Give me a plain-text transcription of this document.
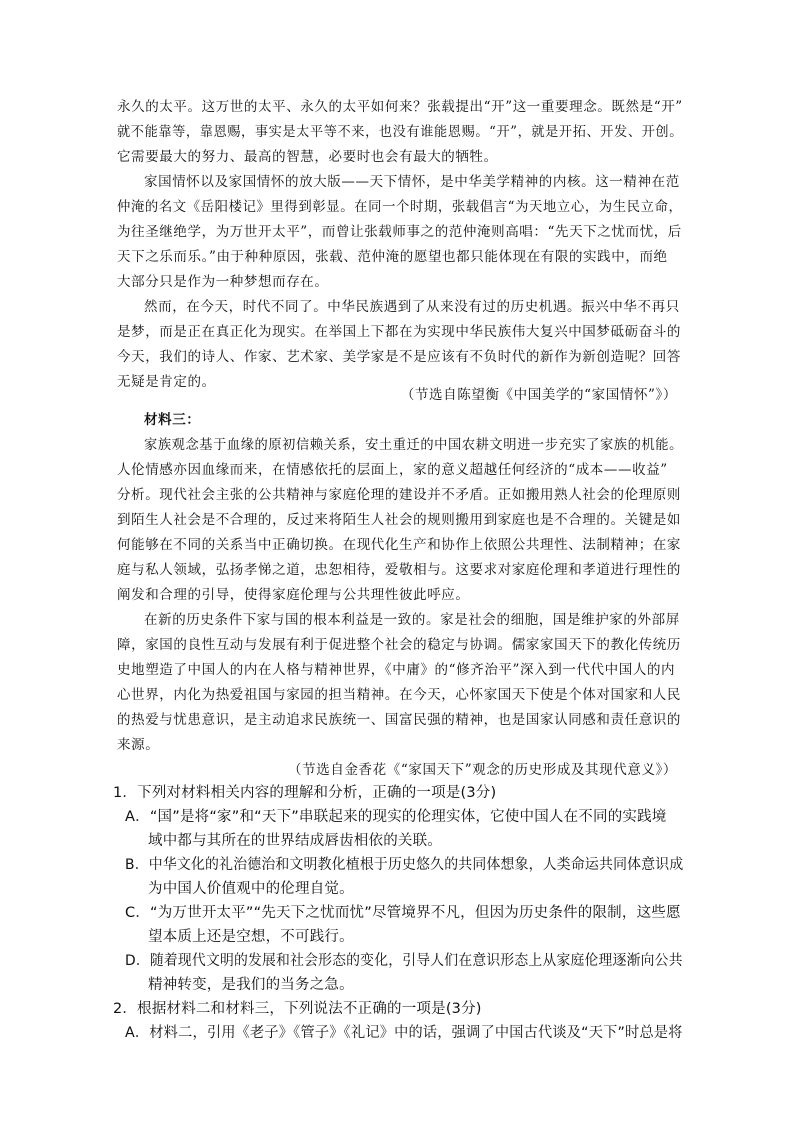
永久的太平。这万世的太平、永久的太平如何来？张载提出“开”这一重要理念。既然是“开”
就不能靠等，靠恩赐，事实是太平等不来，也没有谁能恩赐。“开”，就是开拓、开发、开创。
它需要最大的努力、最高的智慧，必要时也会有最大的牺牲。
家国情怀以及家国情怀的放大版——天下情怀，是中华美学精神的内核。这一精神在范
仲淹的名文《岳阳楼记》里得到彰显。在同一个时期，张载倡言“为天地立心，为生民立命，
为往圣继绝学，为万世开太平”，而曾让张载师事之的范仲淹则高唱：“先天下之忧而忧，后
天下之乐而乐。”由于种种原因，张载、范仲淹的愿望也都只能体现在有限的实践中，而绝
大部分只是作为一种梦想而存在。
然而，在今天，时代不同了。中华民族遇到了从来没有过的历史机遇。振兴中华不再只
是梦，而是正在真正化为现实。在举国上下都在为实现中华民族伟大复兴中国梦砥砺奋斗的
今天，我们的诗人、作家、艺术家、美学家是不是应该有不负时代的新作为新创造呢？回答
无疑是肯定的。
（节选自陈望衡《中国美学的“家国情怀”》）
材料三：
家族观念基于血缘的原初信赖关系，安土重迁的中国农耕文明进一步充实了家族的机能。
人伦情感亦因血缘而来，在情感依托的层面上，家的意义超越任何经济的“成本——收益”
分析。现代社会主张的公共精神与家庭伦理的建设并不矛盾。正如搬用熟人社会的伦理原则
到陌生人社会是不合理的，反过来将陌生人社会的规则搬用到家庭也是不合理的。关键是如
何能够在不同的关系当中正确切换。在现代化生产和协作上依照公共理性、法制精神；在家
庭与私人领域，弘扬孝悌之道，忠恕相待，爱敬相与。这要求对家庭伦理和孝道进行理性的
阐发和合理的引导，使得家庭伦理与公共理性彼此呼应。
在新的历史条件下家与国的根本利益是一致的。家是社会的细胞，国是维护家的外部屏
障，家国的良性互动与发展有利于促进整个社会的稳定与协调。儒家家国天下的教化传统历
史地塑造了中国人的内在人格与精神世界，《中庸》的“修齐治平”深入到一代代中国人的内
心世界，内化为热爱祖国与家园的担当精神。在今天，心怀家国天下使是个体对国家和人民
的热爱与忧患意识，是主动追求民族统一、国富民强的精神，也是国家认同感和责任意识的
来源。
（节选自金香花《“家国天下”观念的历史形成及其现代意义》）
1．下列对材料相关内容的理解和分析，正确的一项是(3分)
A．“国”是将“家”和“天下”串联起来的现实的伦理实体，它使中国人在不同的实践境
域中都与其所在的世界结成唇齿相依的关联。
B．中华文化的礼治德治和文明教化植根于历史悠久的共同体想象，人类命运共同体意识成
为中国人价值观中的伦理自觉。
C．“为万世开太平”“先天下之忧而忧”尽管境界不凡，但因为历史条件的限制，这些愿
望本质上还是空想，不可践行。
D．随着现代文明的发展和社会形态的变化，引导人们在意识形态上从家庭伦理逐渐向公共
精神转变，是我们的当务之急。
2．根据材料二和材料三，下列说法不正确的一项是(3分)
A．材料二，引用《老子》《管子》《礼记》中的话，强调了中国古代谈及“天下”时总是将
